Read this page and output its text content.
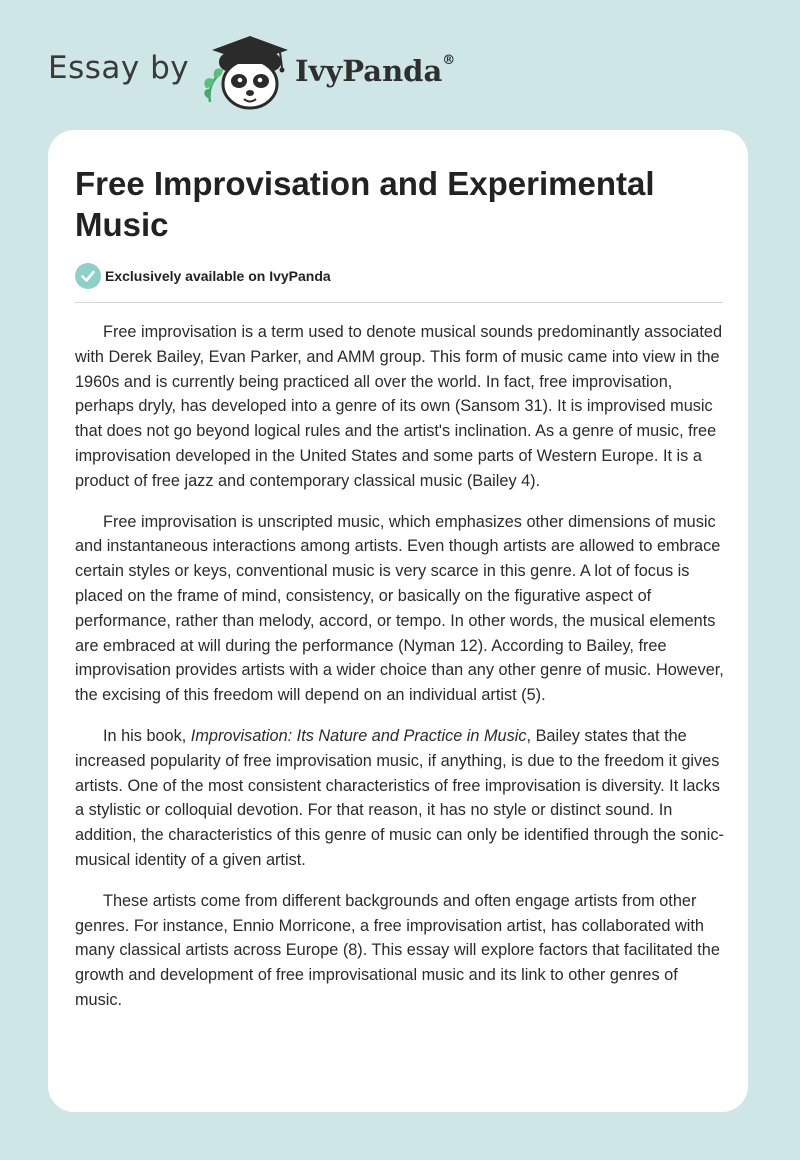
Essay by	IvyPanda®
Free Improvisation and Experimental Music
Exclusively available on IvyPanda

Free improvisation is a term used to denote musical sounds predominantly associated with Derek Bailey, Evan Parker, and AMM group. This form of music came into view in the 1960s and is currently being practiced all over the world. In fact, free improvisation, perhaps dryly, has developed into a genre of its own (Sansom 31). It is improvised music that does not go beyond logical rules and the artist's inclination. As a genre of music, free improvisation developed in the United States and some parts of Western Europe. It is a product of free jazz and contemporary classical music (Bailey 4).

Free improvisation is unscripted music, which emphasizes other dimensions of music and instantaneous interactions among artists. Even though artists are allowed to embrace certain styles or keys, conventional music is very scarce in this genre. A lot of focus is placed on the frame of mind, consistency, or basically on the figurative aspect of performance, rather than melody, accord, or tempo. In other words, the musical elements are embraced at will during the performance (Nyman 12). According to Bailey, free improvisation provides artists with a wider choice than any other genre of music. However, the excising of this freedom will depend on an individual artist (5).

In his book, Improvisation: Its Nature and Practice in Music, Bailey states that the increased popularity of free improvisation music, if anything, is due to the freedom it gives artists. One of the most consistent characteristics of free improvisation is diversity. It lacks a stylistic or colloquial devotion. For that reason, it has no style or distinct sound. In addition, the characteristics of this genre of music can only be identified through the sonic-musical identity of a given artist.

These artists come from different backgrounds and often engage artists from other genres. For instance, Ennio Morricone, a free improvisation artist, has collaborated with many classical artists across Europe (8). This essay will explore factors that facilitated the growth and development of free improvisational music and its link to other genres of music.
